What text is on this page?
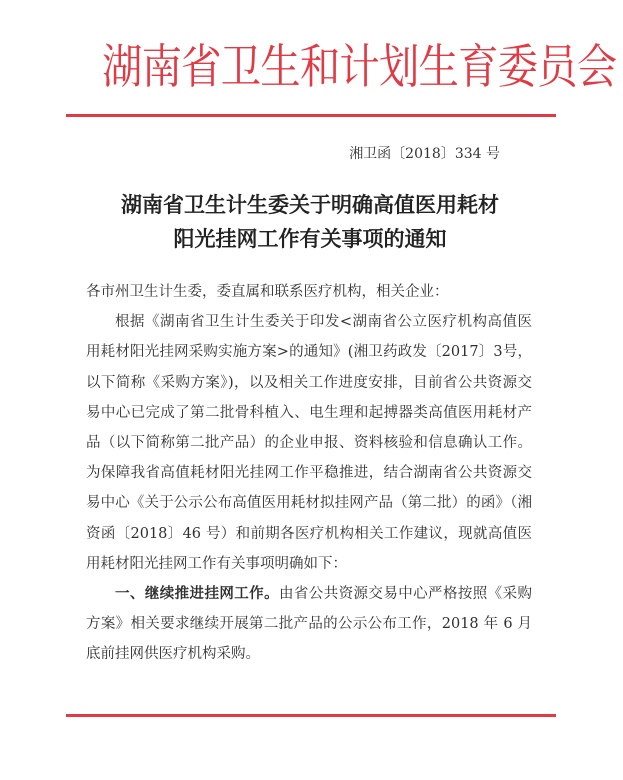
湖南省卫生和计划生育委员会
湘卫函〔2018〕334 号
湖南省卫生计生委关于明确高值医用耗材
阳光挂网工作有关事项的通知

各市州卫生计生委，委直属和联系医疗机构，相关企业：

根据《湖南省卫生计生委关于印发<湖南省公立医疗机构高值医用耗材阳光挂网采购实施方案>的通知》(湘卫药政发〔2017〕3号，以下简称《采购方案》)，以及相关工作进度安排，目前省公共资源交易中心已完成了第二批骨科植入、电生理和起搏器类高值医用耗材产品（以下简称第二批产品）的企业申报、资料核验和信息确认工作。为保障我省高值耗材阳光挂网工作平稳推进，结合湖南省公共资源交易中心《关于公示公布高值医用耗材拟挂网产品（第二批）的函》（湘资函〔2018〕46 号）和前期各医疗机构相关工作建议，现就高值医用耗材阳光挂网工作有关事项明确如下：

一、继续推进挂网工作。由省公共资源交易中心严格按照《采购方案》相关要求继续开展第二批产品的公示公布工作，2018 年 6 月底前挂网供医疗机构采购。
